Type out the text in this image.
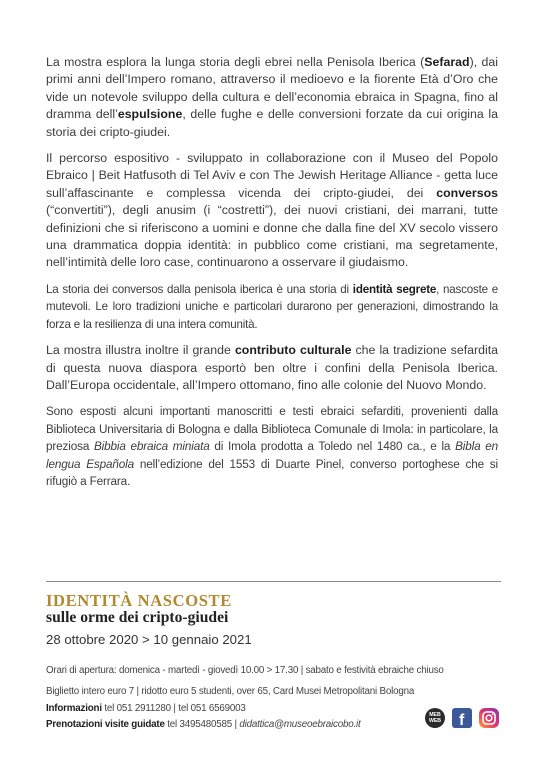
La mostra esplora la lunga storia degli ebrei nella Penisola Iberica (Sefarad), dai primi anni dell’Impero romano, attraverso il medioevo e la fiorente Età d’Oro che vide un notevole sviluppo della cultura e dell’economia ebraica in Spagna, fino al dramma dell’espulsione, delle fughe e delle conversioni forzate da cui origina la storia dei cripto-giudei.

Il percorso espositivo - sviluppato in collaborazione con il Museo del Popolo Ebraico | Beit Hatfusoth di Tel Aviv e con The Jewish Heritage Alliance - getta luce sull’affascinante e complessa vicenda dei cripto-giudei, dei conversos (“convertiti”), degli anusim (i “costretti”), dei nuovi cristiani, dei marrani, tutte definizioni che si riferiscono a uomini e donne che dalla fine del XV secolo vissero una drammatica doppia identità: in pubblico come cristiani, ma segretamente, nell’intimità delle loro case, continuarono a osservare il giudaismo.

La storia dei conversos dalla penisola iberica è una storia di identità segrete, nascoste e mutevoli. Le loro tradizioni uniche e particolari durarono per generazioni, dimostrando la forza e la resilienza di una intera comunità.

La mostra illustra inoltre il grande contributo culturale che la tradizione sefardita di questa nuova diaspora esportò ben oltre i confini della Penisola Iberica. Dall’Europa occidentale, all’Impero ottomano, fino alle colonie del Nuovo Mondo.

Sono esposti alcuni importanti manoscritti e testi ebraici sefarditi, provenienti dalla Biblioteca Universitaria di Bologna e dalla Biblioteca Comunale di Imola: in particolare, la preziosa Bibbia ebraica miniata di Imola prodotta a Toledo nel 1480 ca., e la Bibla en lengua Española nell’edizione del 1553 di Duarte Pinel, converso portoghese che si rifugiò a Ferrara.

IDENTITÀ NASCOSTE
sulle orme dei cripto-giudei

28 ottobre 2020 > 10 gennaio 2021

Orari di apertura: domenica - martedì - giovedì 10.00 > 17.30 | sabato e festività ebraiche chiuso

Biglietto intero euro 7 | ridotto euro 5 studenti, over 65, Card Musei Metropolitani Bologna

Informazioni tel 051 2911280 | tel 051 6569003

Prenotazioni visite guidate tel 3495480585 | didattica@museoebraicobo.it

MEB
WEB f
